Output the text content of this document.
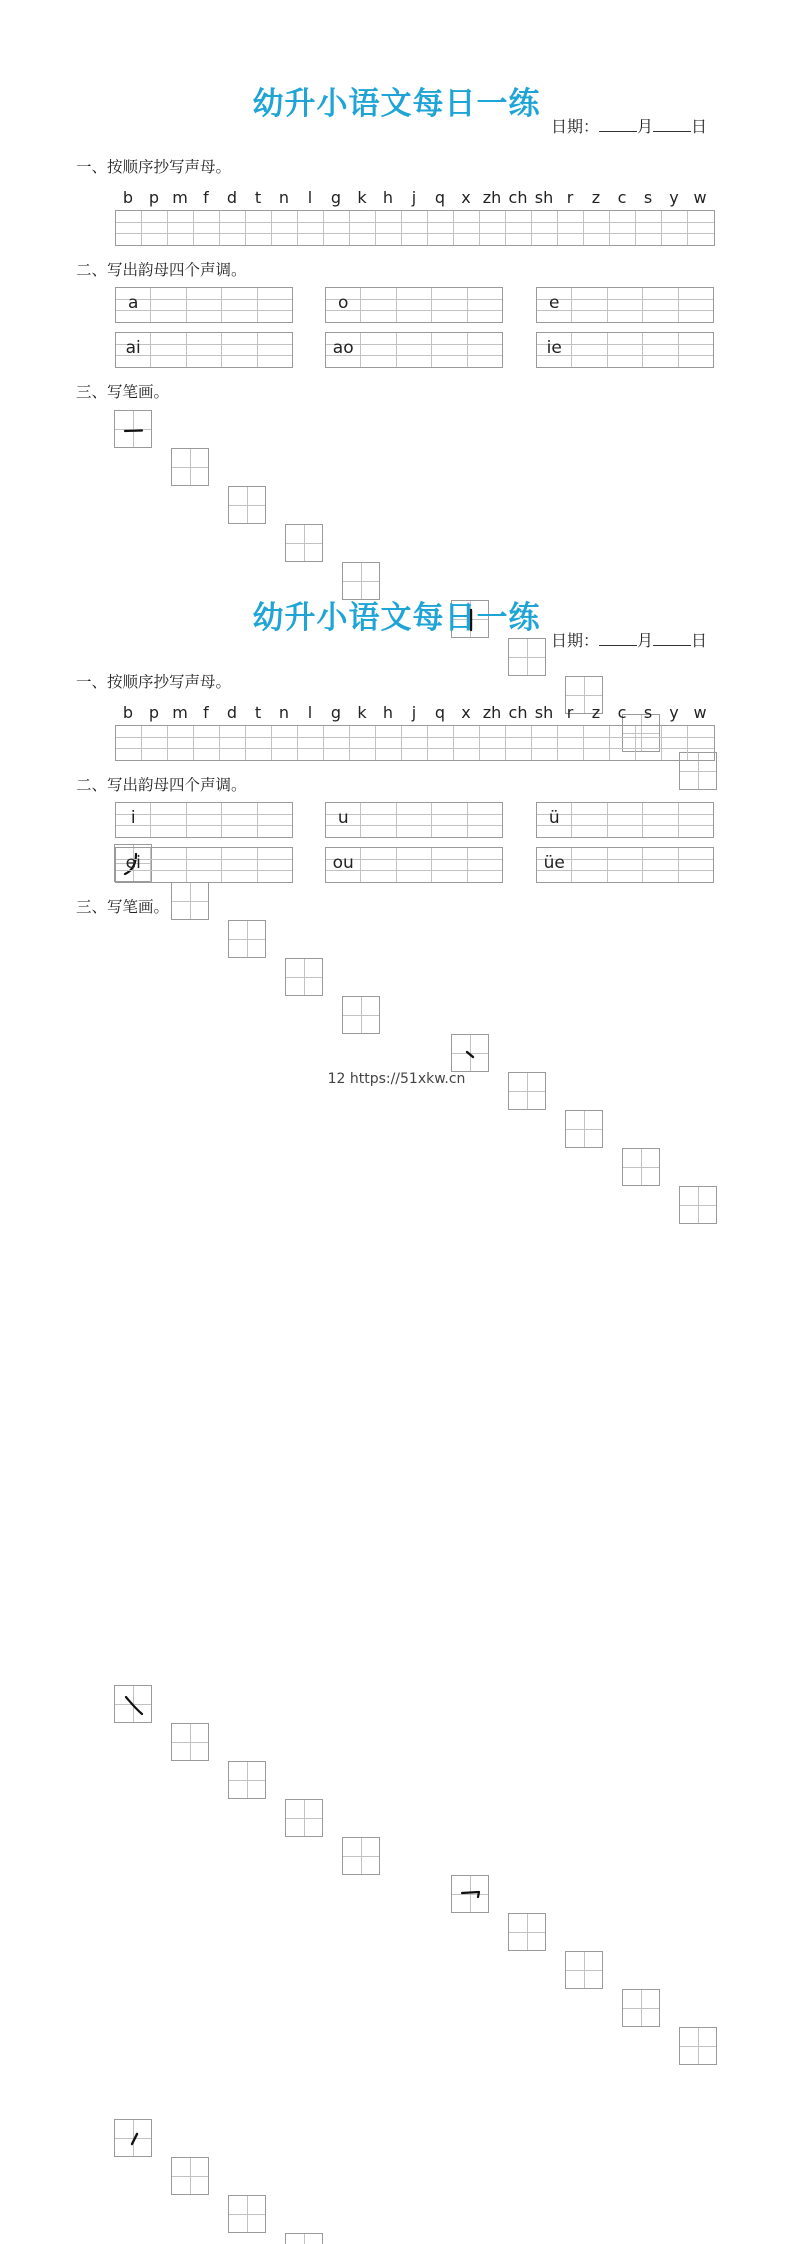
幼升小语文每日一练
日期： 月 日
一、按顺序抄写声母。
b p m f	d	t	n	l	g	k	h	j	q	x zh ch sh r	z	c	s	y w
二、写出韵母四个声调。
a	o	e
ai	ao	ie
三、写笔画。
幼升小语文每日一练
日期： 月 日
一、按顺序抄写声母。
b p m f	d	t	n	l	g	k	h	j	q	x zh ch sh r	z	c	s	y w
二、写出韵母四个声调。
i	u	ü
ei	ou	üe
三、写笔画。
12 https://51xkw.cn
